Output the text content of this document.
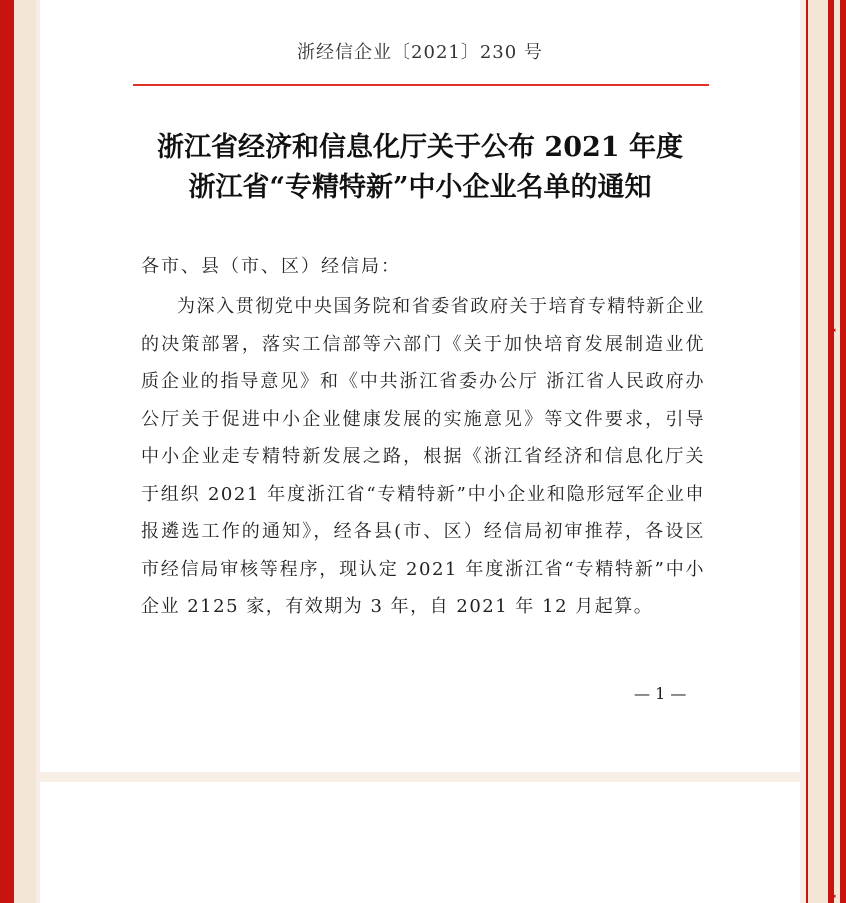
◂
◂
浙经信企业〔2021〕230 号
浙江省经济和信息化厅关于公布 2021 年度
浙江省“专精特新”中小企业名单的通知
各市、县（市、区）经信局：
为深入贯彻党中央国务院和省委省政府关于培育专精特新企业的决策部署，落实工信部等六部门《关于加快培育发展制造业优质企业的指导意见》和《中共浙江省委办公厅 浙江省人民政府办公厅关于促进中小企业健康发展的实施意见》等文件要求，引导中小企业走专精特新发展之路，根据《浙江省经济和信息化厅关于组织 2021 年度浙江省“专精特新”中小企业和隐形冠军企业申报遴选工作的通知》，经各县(市、区）经信局初审推荐，各设区市经信局审核等程序，现认定 2021 年度浙江省“专精特新”中小企业 2125 家，有效期为 3 年，自 2021 年 12 月起算。
— 1 —
